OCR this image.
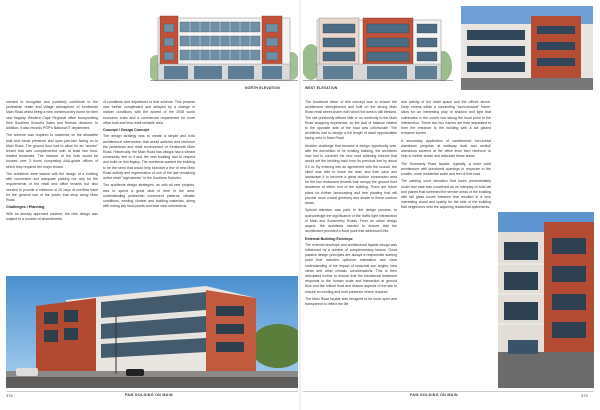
NORTH ELEVATION

needed to recognise and positively contribute to the pedestrian realm and village atmosphere of Kenilworth Main Road whilst being a new contemporary home for their new flagship Western Cape Regional office incorporating their Southern Suburbs Sales and Rentals divisions. In addition, it also records PGP's National IT department.

The scheme was required to maximise on the allowable bulk and visual presence and open pen-tam facing on to Main Road. The ground floor had to allow for an "anchor" tenant that was complemented with at least two food-related tenancies. The balance of the bulk would be housed over 3 floors comprising AAA-grade offices of which they required the major tenant.

The architects were tasked with the design of a building with convenient and adequate parking not only for the requirements of the retail and office tenants but also needed to provide a minimum of 20 bays of overflow base for the general use of the public that shop along Main Road.

Challenges / Planning

With an already approved scheme, the new design was subject to a number of amendments

of conditions and departures to that scheme. This process was further complicated and delayed by a change in market conditions with the advent of the 2008 world economic crisis and a commercial requirement for more office bulk and less retail rentable area.

Concept / Design Concept

The design strategy was to create a simple and bold architectural intervention that would address and reinforce the pedestrian and retail environment of Kenilworth Main Road. Historically, the Main Road has always had a vibrant community feel to it and the new building had to respect and build on this legacy. The architects wanted the building to be the seed that would help kickstart a few of new Main Road activity and regeneration of one of the last remaining active retail "high streets" in the Southern Suburbs.

The architects design strategies, as with all new projects, was to spend a great deal of time in the area, understanding pedestrian movement patterns, climatic conditions, existing context and building materials, along with noting key focal points and lead view orientations.

376	PAM GOLDING ON MAIN
WEST ELEVATION

The functional driver of this concept was to ensure the architecture strengthened and built on the strong Main Road retail street charm with which the area is still blessed. The site previously offered little or no continuity to the Main Road shopping experience, so the lack of balance related to the opposite side of the road was unfortunate. The architects had to design a full length of retail opportunities facing onto to Main Road.

Another challenge that became a design opportunity was, with the demolition of he existing building, the architects now had to consider the new road widening reserve that would set the building back from its previous line by about 5,0 m. By entering into an agreement with the council, the client was able to lease the land, and then pave and landscape it to become a great outdoor concession area for the two restaurant tenants that occupy the ground floor residence at either end of the building. There are future plans for further landscaping and tree planting that will provide more crucial greenery and shade to these outdoor areas.

Special attention was paid, in the design process, to acknowledge the significance of the traffic light intersection of Main and Summerley Roads. From an urban design aspect, the architects needed to ensure that the architecture provided a focal point that addressed this.

External Building Envelope

The external envelope and architectural façade design was influenced by a number of complementary factors. Good passive design principles are always a responsible starting point that includes optimum orientation and clear understanding of the impact of seasonal sun angles, best views and other climatic considerations. This is then articulated further to ensure that the elevational treatment responds to the human scale and interaction at ground floor and the critical focal and feature aspects of the site to ensure an exciting and bold presence where required.

The Main Road façade was designed to be more open and transparent to reflect the life

and activity of the retail space and the offices above. Deep recess within a connecting "archi-tectural" frame, allow for an interesting play of shadow and light that culminates in the corner box taking the focal point to the intersection. These two box frames are then separated to form the entrance to the building with a tall glazed entrance screen.

A secondary application of cantilevered hori-zontal aluminium pergolas at walkway level and vertical aluminium screens at the office level then reinforce or help to further shade and articulate these areas.

The Summerly Road façade, typically, a more solid architecture with punctured openings in response to the smaller, more residential scale and feel of that road.

The parking court elevation that faces predominately south and east was conceived as an interplay of bold tall and planes that screened the service areas of the building with tall glass boxes between that resulted in a very interesting visual and quality for the side of the building that neighbours onto the adjoining residential apartments.

PAM GOLDING ON MAIN	379
